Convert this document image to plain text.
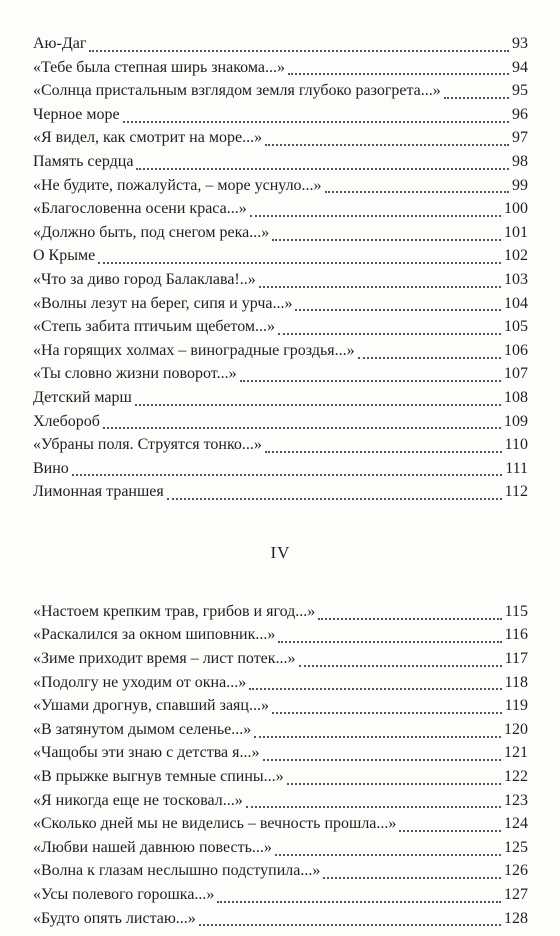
Аю-Даг	93
«Тебе была степная ширь знакома...»	94
«Солнца пристальным взглядом земля глубоко разогрета...»	95
Черное море	96
«Я видел, как смотрит на море...»	97
Память сердца	98
«Не будите, пожалуйста, – море уснуло...»	99
«Благословенна осени краса...»	100
«Должно быть, под снегом река...»	101
О Крыме	102
«Что за диво город Балаклава!..»	103
«Волны лезут на берег, сипя и урча...»	104
«Степь забита птичьим щебетом...»	105
«На горящих холмах – виноградные гроздья...»	106
«Ты словно жизни поворот...»	107
Детский марш	108
Хлебороб	109
«Убраны поля. Струятся тонко...»	110
Вино	111
Лимонная траншея	112
IV
«Настоем крепким трав, грибов и ягод...»	115
«Раскалился за окном шиповник...»	116
«Зиме приходит время – лист потек...»	117
«Подолгу не уходим от окна...»	118
«Ушами дрогнув, спавший заяц...»	119
«В затянутом дымом селенье...»	120
«Чащобы эти знаю с детства я...»	121
«В прыжке выгнув темные спины...»	122
«Я никогда еще не тосковал...»	123
«Сколько дней мы не виделись – вечность прошла...»	124
«Любви нашей давнюю повесть...»	125
«Волна к глазам неслышно подступила...»	126
«Усы полевого горошка...»	127
«Будто опять листаю...»	128
